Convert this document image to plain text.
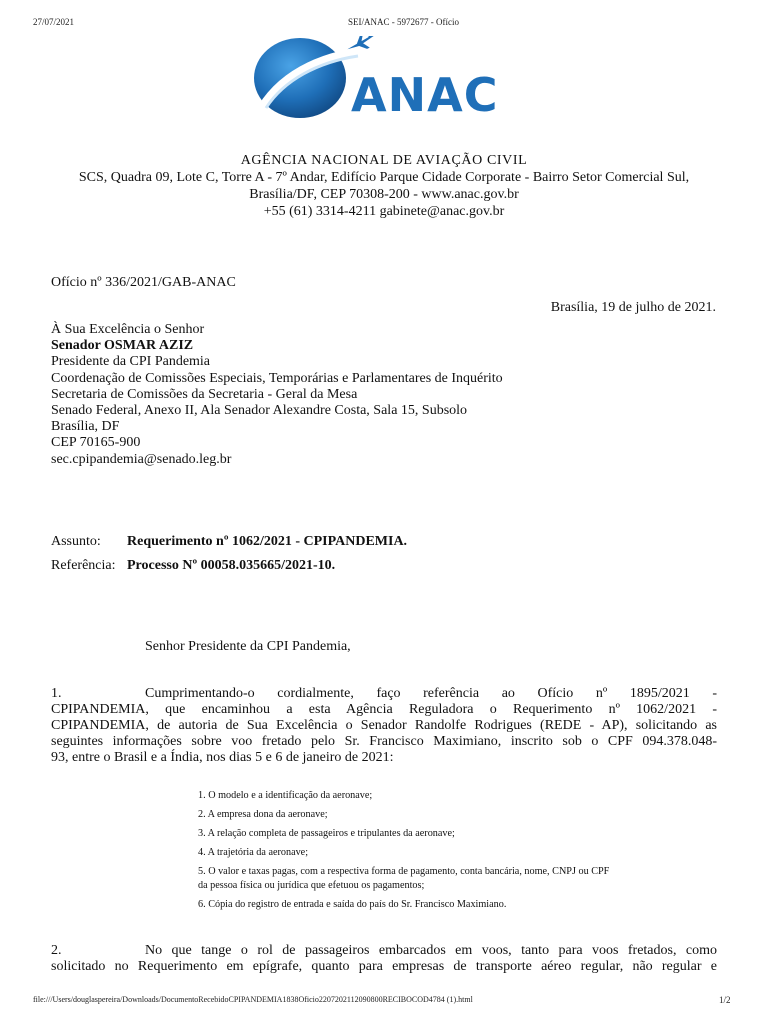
27/07/2021	SEI/ANAC - 5972677 - Ofício
ANAC
AGÊNCIA NACIONAL DE AVIAÇÃO CIVIL
SCS, Quadra 09, Lote C, Torre A - 7º Andar, Edifício Parque Cidade Corporate - Bairro Setor Comercial Sul,
Brasília/DF, CEP 70308-200 - www.anac.gov.br
+55 (61) 3314-4211 gabinete@anac.gov.br
Ofício nº 336/2021/GAB-ANAC
Brasília, 19 de julho de 2021.
À Sua Excelência o Senhor
Senador OSMAR AZIZ
Presidente da CPI Pandemia
Coordenação de Comissões Especiais, Temporárias e Parlamentares de Inquérito
Secretaria de Comissões da Secretaria - Geral da Mesa
Senado Federal, Anexo II, Ala Senador Alexandre Costa, Sala 15, Subsolo
Brasília, DF
CEP 70165-900
sec.cpipandemia@senado.leg.br
Assunto: Requerimento nº 1062/2021 - CPIPANDEMIA.
Referência: Processo Nº 00058.035665/2021-10.
Senhor Presidente da CPI Pandemia,
1.	Cumprimentando-o cordialmente, faço referência ao Ofício nº 1895/2021 -
CPIPANDEMIA, que encaminhou a esta Agência Reguladora o Requerimento nº 1062/2021 -
CPIPANDEMIA, de autoria de Sua Excelência o Senador Randolfe Rodrigues (REDE - AP), solicitando as
seguintes informações sobre voo fretado pelo Sr. Francisco Maximiano, inscrito sob o CPF 094.378.048-
93, entre o Brasil e a Índia, nos dias 5 e 6 de janeiro de 2021:
1. O modelo e a identificação da aeronave;
2. A empresa dona da aeronave;
3. A relação completa de passageiros e tripulantes da aeronave;
4. A trajetória da aeronave;
5. O valor e taxas pagas, com a respectiva forma de pagamento, conta bancária, nome, CNPJ ou CPF
da pessoa física ou jurídica que efetuou os pagamentos;
6. Cópia do registro de entrada e saída do país do Sr. Francisco Maximiano.
2.	No que tange o rol de passageiros embarcados em voos, tanto para voos fretados, como
solicitado no Requerimento em epígrafe, quanto para empresas de transporte aéreo regular, não regular e
file:///Users/douglaspereira/Downloads/DocumentoRecebidoCPIPANDEMIA1838Oficio2207202112090800RECIBOCOD4784 (1).html	1/2
